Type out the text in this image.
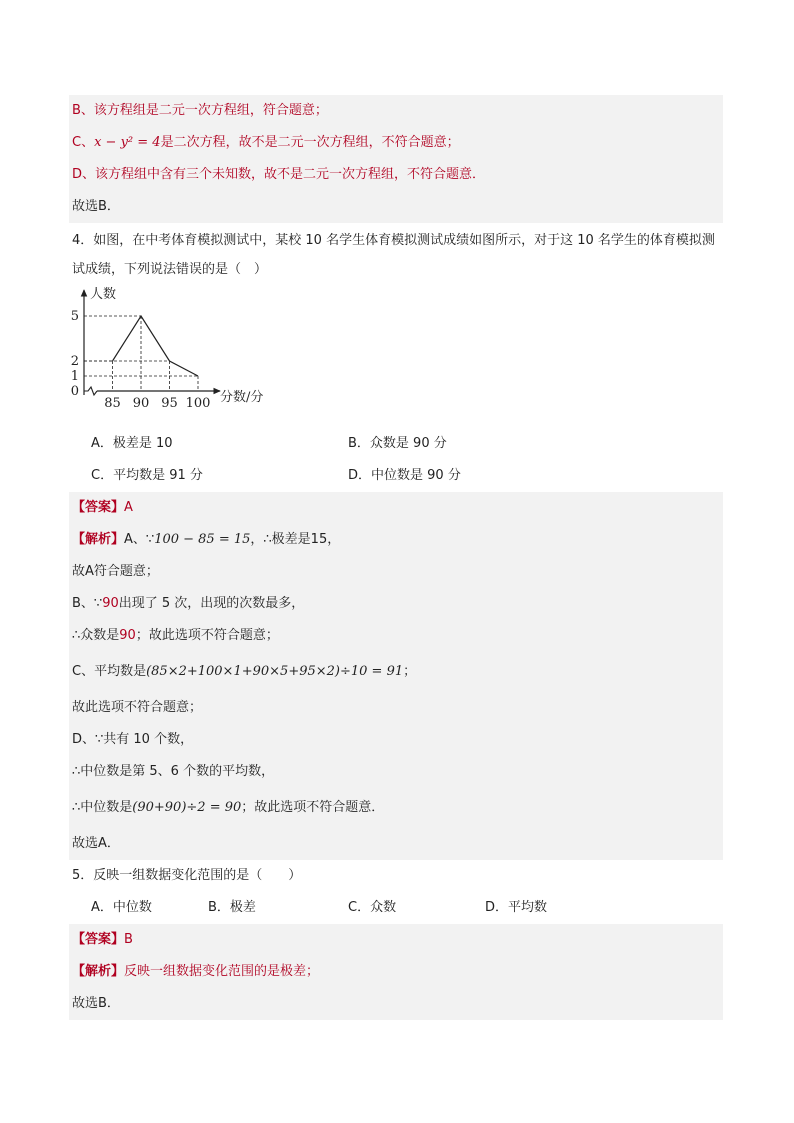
B、该方程组是二元一次方程组，符合题意；
C、x − y² = 4是二次方程，故不是二元一次方程组，不符合题意；
D、该方程组中含有三个未知数，故不是二元一次方程组，不符合题意．
故选B．
4．如图，在中考体育模拟测试中，某校 10 名学生体育模拟测试成绩如图所示，对于这 10 名学生的体育模拟测试成绩，下列说法错误的是（　）
85 90 95 100
0
1
2
5
人数
分数/分
A．极差是 10	B．众数是 90 分
C．平均数是 91 分	D．中位数是 90 分
【答案】A
【解析】A、∵100 − 85 = 15，∴极差是15，
故A符合题意；
B、∵90出现了 5 次，出现的次数最多，
∴众数是90；故此选项不符合题意；
C、平均数是(85×2+100×1+90×5+95×2)÷10 = 91；
故此选项不符合题意；
D、∵共有 10 个数，
∴中位数是第 5、6 个数的平均数，
∴中位数是(90+90)÷2 = 90；故此选项不符合题意．
故选A．
5．反映一组数据变化范围的是（　　）
A．中位数	B．极差	C．众数	D．平均数
【答案】B
【解析】反映一组数据变化范围的是极差；
故选B．
